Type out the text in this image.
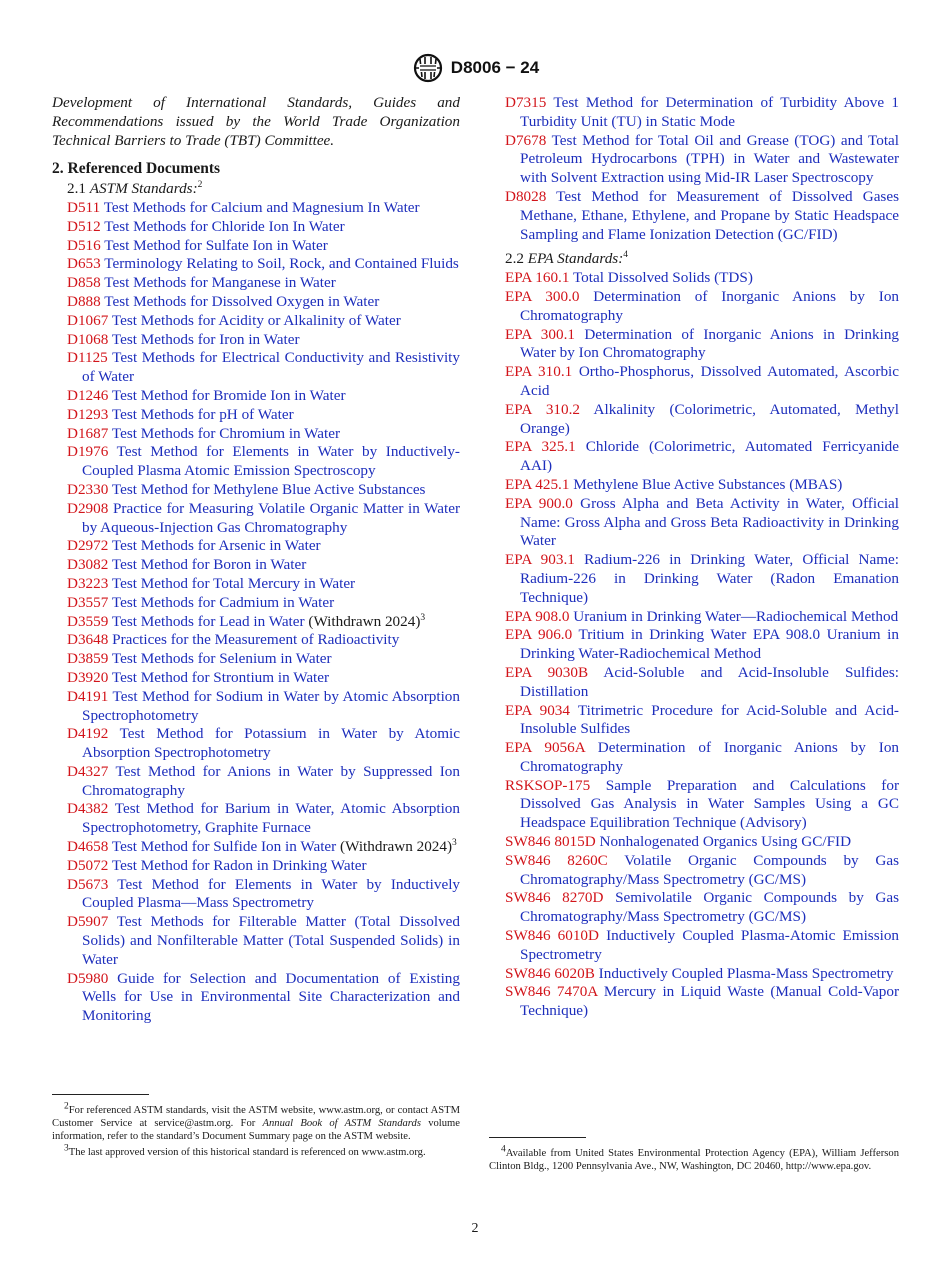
D8006 − 24

Development of International Standards, Guides and Recommendations issued by the World Trade Organization Technical Barriers to Trade (TBT) Committee.

2. Referenced Documents
2.1 ASTM Standards:$^2$
D511 Test Methods for Calcium and Magnesium In Water
D512 Test Methods for Chloride Ion In Water
D516 Test Method for Sulfate Ion in Water
D653 Terminology Relating to Soil, Rock, and Contained Fluids
D858 Test Methods for Manganese in Water
D888 Test Methods for Dissolved Oxygen in Water
D1067 Test Methods for Acidity or Alkalinity of Water
D1068 Test Methods for Iron in Water
D1125 Test Methods for Electrical Conductivity and Resistivity of Water
D1246 Test Method for Bromide Ion in Water
D1293 Test Methods for pH of Water
D1687 Test Methods for Chromium in Water
D1976 Test Method for Elements in Water by Inductively-Coupled Plasma Atomic Emission Spectroscopy
D2330 Test Method for Methylene Blue Active Substances
D2908 Practice for Measuring Volatile Organic Matter in Water by Aqueous-Injection Gas Chromatography
D2972 Test Methods for Arsenic in Water
D3082 Test Method for Boron in Water
D3223 Test Method for Total Mercury in Water
D3557 Test Methods for Cadmium in Water
D3559 Test Methods for Lead in Water (Withdrawn 2024)$^3$
D3648 Practices for the Measurement of Radioactivity
D3859 Test Methods for Selenium in Water
D3920 Test Method for Strontium in Water
D4191 Test Method for Sodium in Water by Atomic Absorption Spectrophotometry
D4192 Test Method for Potassium in Water by Atomic Absorption Spectrophotometry
D4327 Test Method for Anions in Water by Suppressed Ion Chromatography
D4382 Test Method for Barium in Water, Atomic Absorption Spectrophotometry, Graphite Furnace
D4658 Test Method for Sulfide Ion in Water (Withdrawn 2024)$^3$
D5072 Test Method for Radon in Drinking Water
D5673 Test Method for Elements in Water by Inductively Coupled Plasma—Mass Spectrometry
D5907 Test Methods for Filterable Matter (Total Dissolved Solids) and Nonfilterable Matter (Total Suspended Solids) in Water
D5980 Guide for Selection and Documentation of Existing Wells for Use in Environmental Site Characterization and Monitoring
D7315 Test Method for Determination of Turbidity Above 1 Turbidity Unit (TU) in Static Mode
D7678 Test Method for Total Oil and Grease (TOG) and Total Petroleum Hydrocarbons (TPH) in Water and Wastewater with Solvent Extraction using Mid-IR Laser Spectroscopy
D8028 Test Method for Measurement of Dissolved Gases Methane, Ethane, Ethylene, and Propane by Static Headspace Sampling and Flame Ionization Detection (GC/FID)
2.2 EPA Standards:$^4$
EPA 160.1 Total Dissolved Solids (TDS)
EPA 300.0 Determination of Inorganic Anions by Ion Chromatography
EPA 300.1 Determination of Inorganic Anions in Drinking Water by Ion Chromatography
EPA 310.1 Ortho-Phosphorus, Dissolved Automated, Ascorbic Acid
EPA 310.2 Alkalinity (Colorimetric, Automated, Methyl Orange)
EPA 325.1 Chloride (Colorimetric, Automated Ferricyanide AAI)
EPA 425.1 Methylene Blue Active Substances (MBAS)
EPA 900.0 Gross Alpha and Beta Activity in Water, Official Name: Gross Alpha and Gross Beta Radioactivity in Drinking Water
EPA 903.1 Radium-226 in Drinking Water, Official Name: Radium-226 in Drinking Water (Radon Emanation Technique)
EPA 908.0 Uranium in Drinking Water—Radiochemical Method
EPA 906.0 Tritium in Drinking Water EPA 908.0 Uranium in Drinking Water-Radiochemical Method
EPA 9030B Acid-Soluble and Acid-Insoluble Sulfides: Distillation
EPA 9034 Titrimetric Procedure for Acid-Soluble and Acid-Insoluble Sulfides
EPA 9056A Determination of Inorganic Anions by Ion Chromatography
RSKSOP-175 Sample Preparation and Calculations for Dissolved Gas Analysis in Water Samples Using a GC Headspace Equilibration Technique (Advisory)
SW846 8015D Nonhalogenated Organics Using GC/FID
SW846 8260C Volatile Organic Compounds by Gas Chromatography/Mass Spectrometry (GC/MS)
SW846 8270D Semivolatile Organic Compounds by Gas Chromatography/Mass Spectrometry (GC/MS)
SW846 6010D Inductively Coupled Plasma-Atomic Emission Spectrometry
SW846 6020B Inductively Coupled Plasma-Mass Spectrometry
SW846 7470A Mercury in Liquid Waste (Manual Cold-Vapor Technique)

$^2$For referenced ASTM standards, visit the ASTM website, www.astm.org, or contact ASTM Customer Service at service@astm.org. For Annual Book of ASTM Standards volume information, refer to the standard’s Document Summary page on the ASTM website.

$^3$The last approved version of this historical standard is referenced on www.astm.org.	$^4$Available from United States Environmental Protection Agency (EPA), William Jefferson Clinton Bldg., 1200 Pennsylvania Ave., NW, Washington, DC 20460, http://www.epa.gov.

2
